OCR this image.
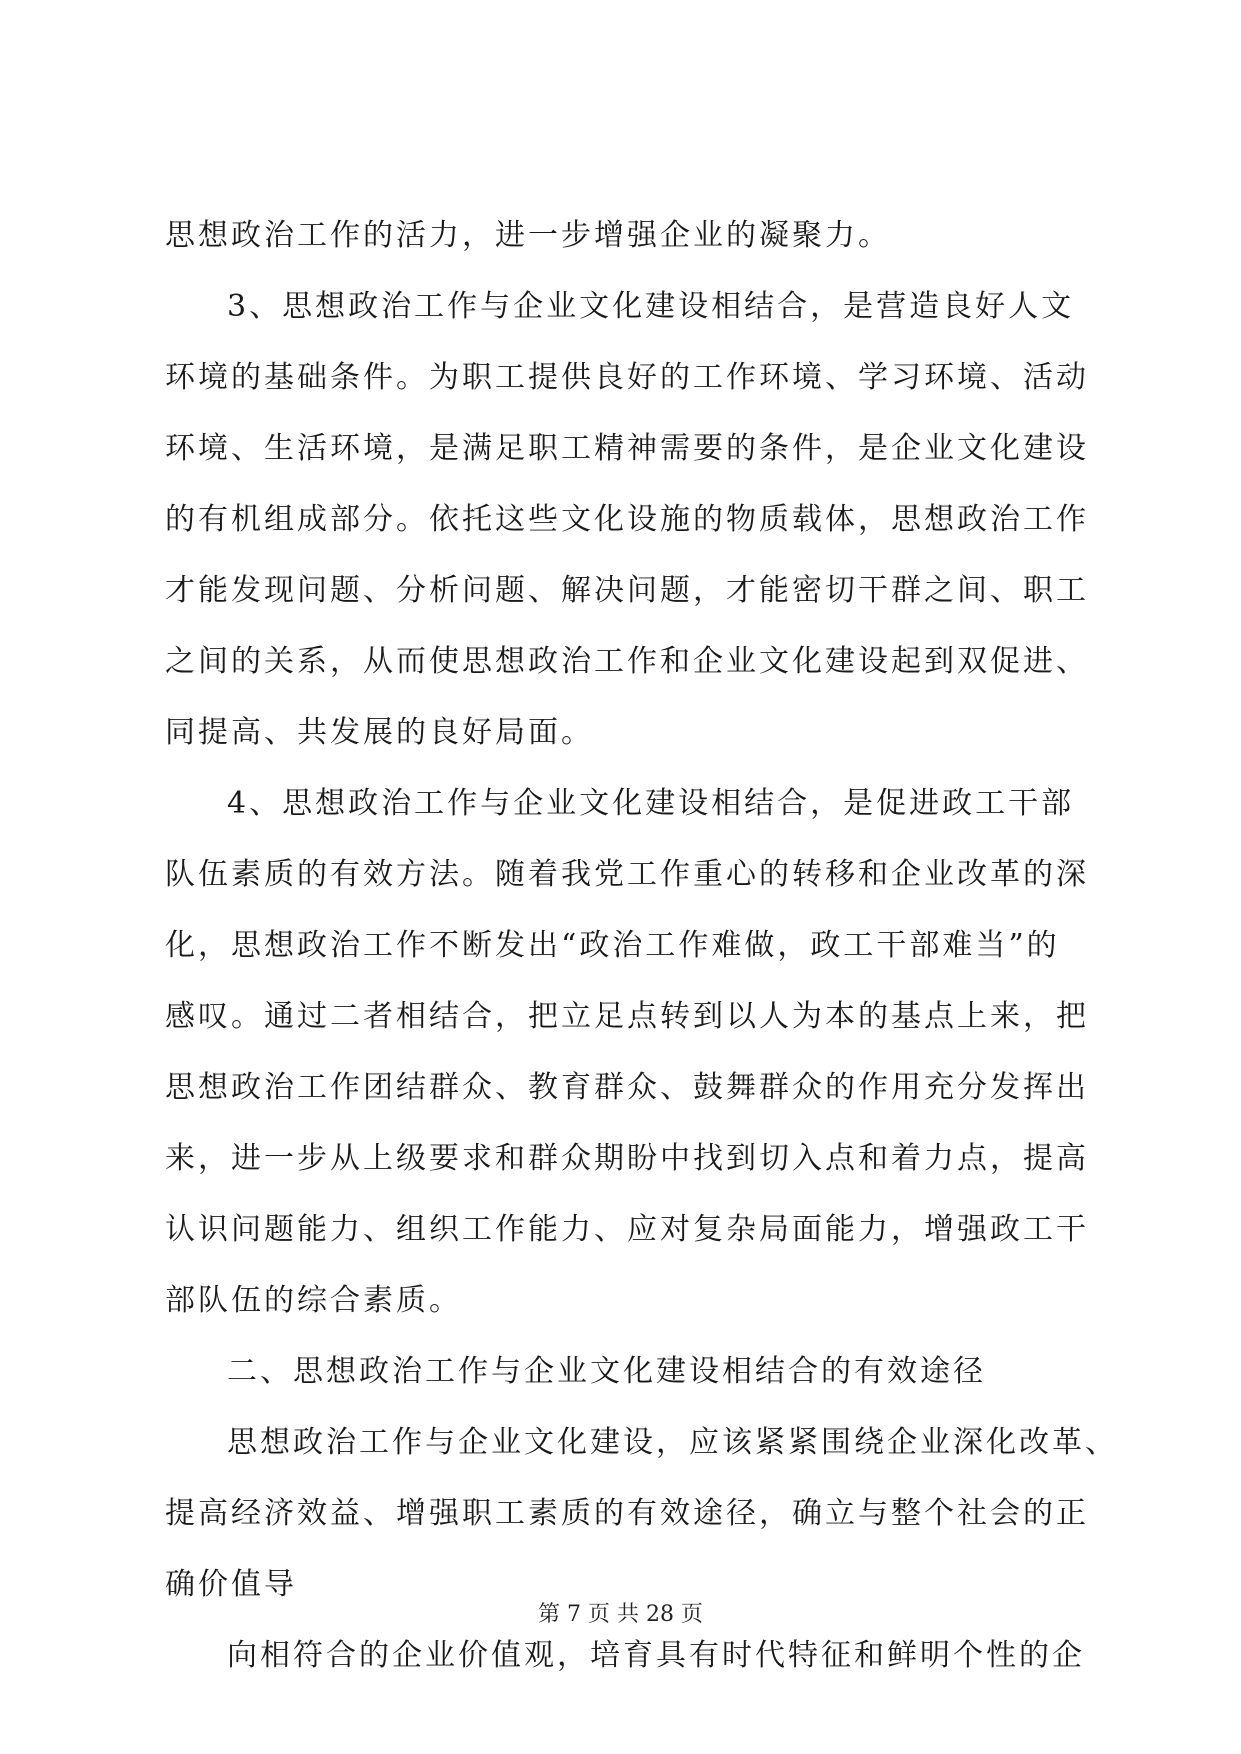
思想政治工作的活力，进一步增强企业的凝聚力。
3、思想政治工作与企业文化建设相结合，是营造良好人文
环境的基础条件。为职工提供良好的工作环境、学习环境、活动
环境、生活环境，是满足职工精神需要的条件，是企业文化建设
的有机组成部分。依托这些文化设施的物质载体，思想政治工作
才能发现问题、分析问题、解决问题，才能密切干群之间、职工
之间的关系，从而使思想政治工作和企业文化建设起到双促进、
同提高、共发展的良好局面。
4、思想政治工作与企业文化建设相结合，是促进政工干部
队伍素质的有效方法。随着我党工作重心的转移和企业改革的深
化，思想政治工作不断发出“政治工作难做，政工干部难当”的
感叹。通过二者相结合，把立足点转到以人为本的基点上来，把
思想政治工作团结群众、教育群众、鼓舞群众的作用充分发挥出
来，进一步从上级要求和群众期盼中找到切入点和着力点，提高
认识问题能力、组织工作能力、应对复杂局面能力，增强政工干
部队伍的综合素质。
二、思想政治工作与企业文化建设相结合的有效途径
思想政治工作与企业文化建设，应该紧紧围绕企业深化改革、
提高经济效益、增强职工素质的有效途径，确立与整个社会的正
确价值导
向相符合的企业价值观，培育具有时代特征和鲜明个性的企
第 7 页 共 28 页
